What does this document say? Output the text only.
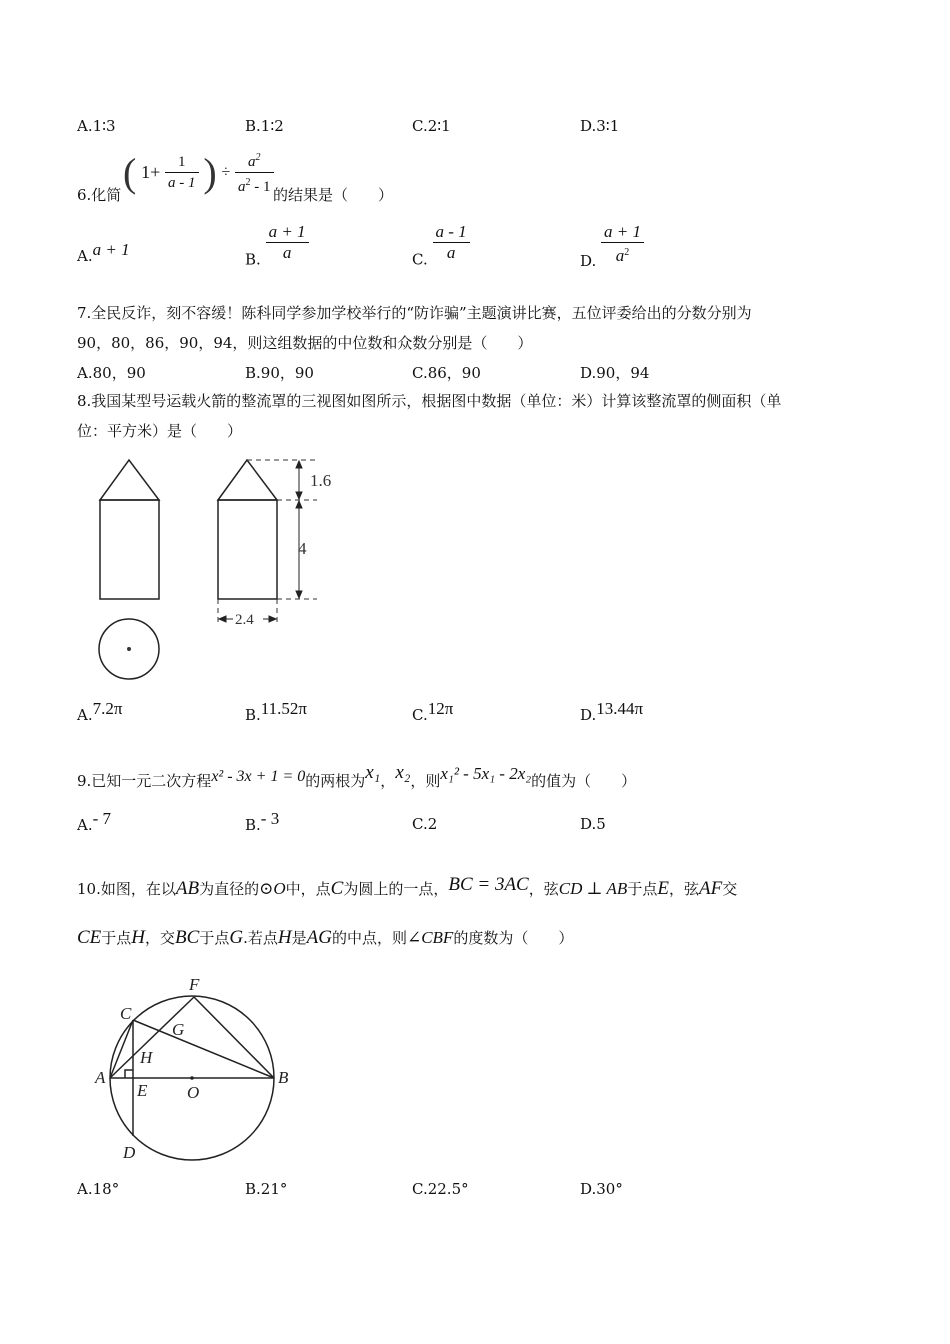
A.1∶3	B.1∶2	C.2∶1	D.3∶1
6.化简 ( $1+ \frac{1}{a - 1}$ ) ÷ $\frac{a^2}{a^2 - 1}$ 的结果是（　　）
A.a + 1
B. $\frac{a + 1}{a}$	C. $\frac{a - 1}{a}$	D. $\frac{a + 1}{a^2}$
7.全民反诈，刻不容缓！陈科同学参加学校举行的“防诈骗”主题演讲比赛，五位评委给出的分数分别为
90，80，86，90，94，则这组数据的中位数和众数分别是（　　）
A.80，90	B.90，90	C.86，90	D.90，94
8.我国某型号运载火箭的整流罩的三视图如图所示，根据图中数据（单位：米）计算该整流罩的侧面积（单
位：平方米）是（　　）
1.6
4
2.4
A.7.2π	B.11.52π	C.12π	D.13.44π
9.已知一元二次方程x² - 3x + 1 = 0的两根为x₁，x₂，则x₁² - 5x₁ - 2x₂的值为（　　）
A.- 7	B.- 3	C.2	D.5
10.如图，在以AB为直径的⊙O中，点C为圆上的一点，BC = 3AC，弦CD ⊥ AB于点E，弦AF交
CE于点H，交BC于点G.若点H是AG的中点，则∠CBF的度数为（　　）
A	B
C
D
E
F
G
H
O
A.18°	B.21°	C.22.5°	D.30°
